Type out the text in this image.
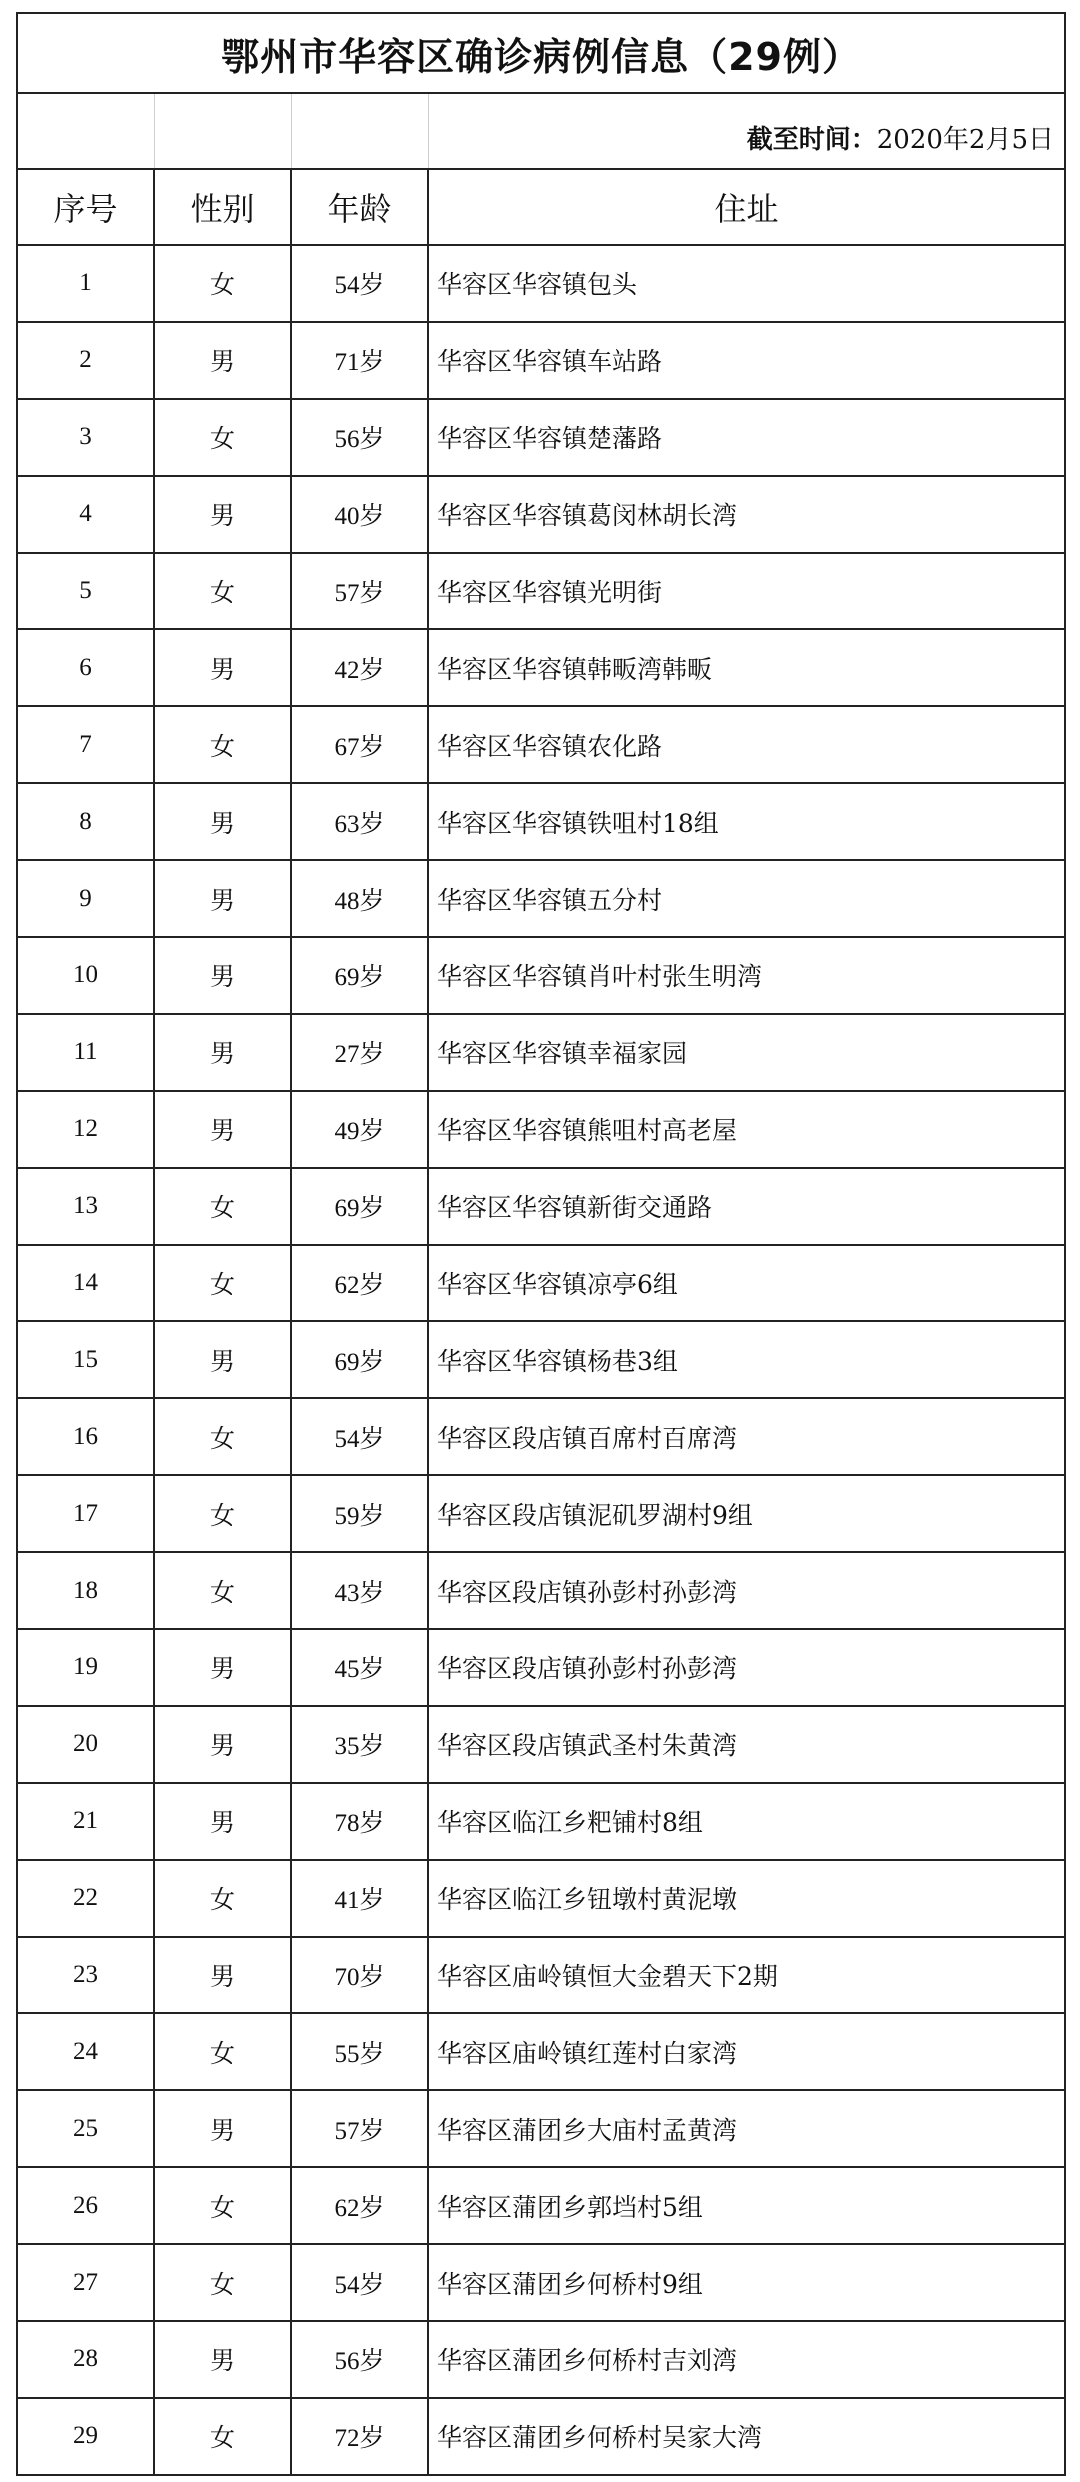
鄂州市华容区确诊病例信息（29例）			
			截至时间：2020年2月5日
序号	性别	年龄	住址
1	女	54岁	华容区华容镇包头
2	男	71岁	华容区华容镇车站路
3	女	56岁	华容区华容镇楚藩路
4	男	40岁	华容区华容镇葛闵林胡长湾
5	女	57岁	华容区华容镇光明街
6	男	42岁	华容区华容镇韩畈湾韩畈
7	女	67岁	华容区华容镇农化路
8	男	63岁	华容区华容镇铁咀村18组
9	男	48岁	华容区华容镇五分村
10	男	69岁	华容区华容镇肖叶村张生明湾
11	男	27岁	华容区华容镇幸福家园
12	男	49岁	华容区华容镇熊咀村高老屋
13	女	69岁	华容区华容镇新街交通路
14	女	62岁	华容区华容镇凉亭6组
15	男	69岁	华容区华容镇杨巷3组
16	女	54岁	华容区段店镇百席村百席湾
17	女	59岁	华容区段店镇泥矶罗湖村9组
18	女	43岁	华容区段店镇孙彭村孙彭湾
19	男	45岁	华容区段店镇孙彭村孙彭湾
20	男	35岁	华容区段店镇武圣村朱黄湾
21	男	78岁	华容区临江乡粑铺村8组
22	女	41岁	华容区临江乡钮墩村黄泥墩
23	男	70岁	华容区庙岭镇恒大金碧天下2期
24	女	55岁	华容区庙岭镇红莲村白家湾
25	男	57岁	华容区蒲团乡大庙村孟黄湾
26	女	62岁	华容区蒲团乡郭垱村5组
27	女	54岁	华容区蒲团乡何桥村9组
28	男	56岁	华容区蒲团乡何桥村吉刘湾
29	女	72岁	华容区蒲团乡何桥村吴家大湾
